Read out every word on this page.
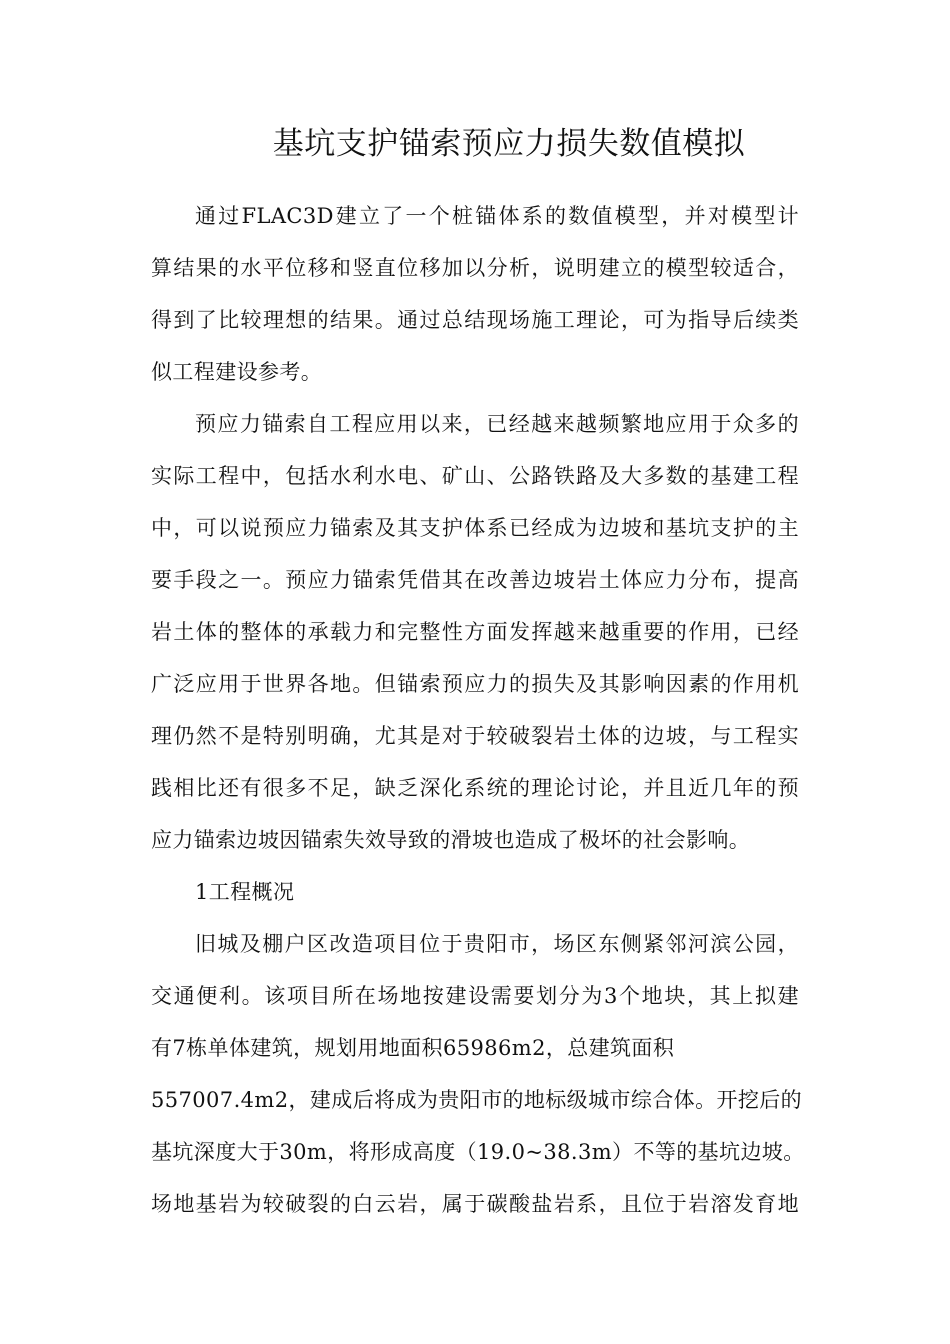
基坑支护锚索预应力损失数值模拟
通过FLAC3D建立了一个桩锚体系的数值模型，并对模型计
算结果的水平位移和竖直位移加以分析，说明建立的模型较适合，
得到了比较理想的结果。通过总结现场施工理论，可为指导后续类
似工程建设参考。
预应力锚索自工程应用以来，已经越来越频繁地应用于众多的
实际工程中，包括水利水电、矿山、公路铁路及大多数的基建工程
中，可以说预应力锚索及其支护体系已经成为边坡和基坑支护的主
要手段之一。预应力锚索凭借其在改善边坡岩土体应力分布，提高
岩土体的整体的承载力和完整性方面发挥越来越重要的作用，已经
广泛应用于世界各地。但锚索预应力的损失及其影响因素的作用机
理仍然不是特别明确，尤其是对于较破裂岩土体的边坡，与工程实
践相比还有很多不足，缺乏深化系统的理论讨论，并且近几年的预
应力锚索边坡因锚索失效导致的滑坡也造成了极坏的社会影响。
1工程概况
旧城及棚户区改造项目位于贵阳市，场区东侧紧邻河滨公园，
交通便利。该项目所在场地按建设需要划分为3个地块，其上拟建
有7栋单体建筑，规划用地面积65986m2，总建筑面积
557007.4m2，建成后将成为贵阳市的地标级城市综合体。开挖后的
基坑深度大于30m，将形成高度（19.0~38.3m）不等的基坑边坡。
场地基岩为较破裂的白云岩，属于碳酸盐岩系，且位于岩溶发育地
